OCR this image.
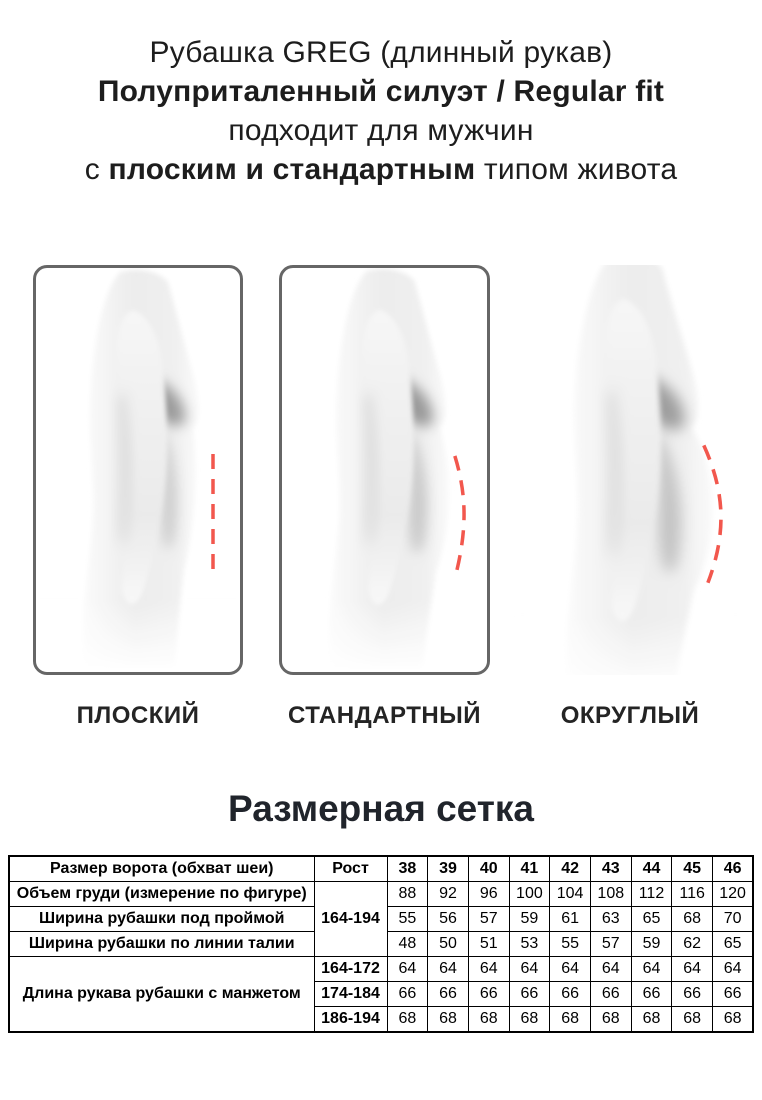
Рубашка GREG (длинный рукав)
Полуприталенный силуэт / Regular fit
подходит для мужчин
с плоским и стандартным типом живота
ПЛОСКИЙ	СТАНДАРТНЫЙ	ОКРУГЛЫЙ
Размерная сетка
Размер ворота (обхват шеи)	Рост	38	39	40	41	42	43	44	45	46
Объем груди (измерение по фигуре)	164-194	88	92	96	100	104	108	112	116	120
Ширина рубашки под проймой		55	56	57	59	61	63	65	68	70
Ширина рубашки по линии талии		48	50	51	53	55	57	59	62	65
Длина рукава рубашки с манжетом	164-172	64	64	64	64	64	64	64	64	64
	174-184	66	66	66	66	66	66	66	66	66
	186-194	68	68	68	68	68	68	68	68	68
